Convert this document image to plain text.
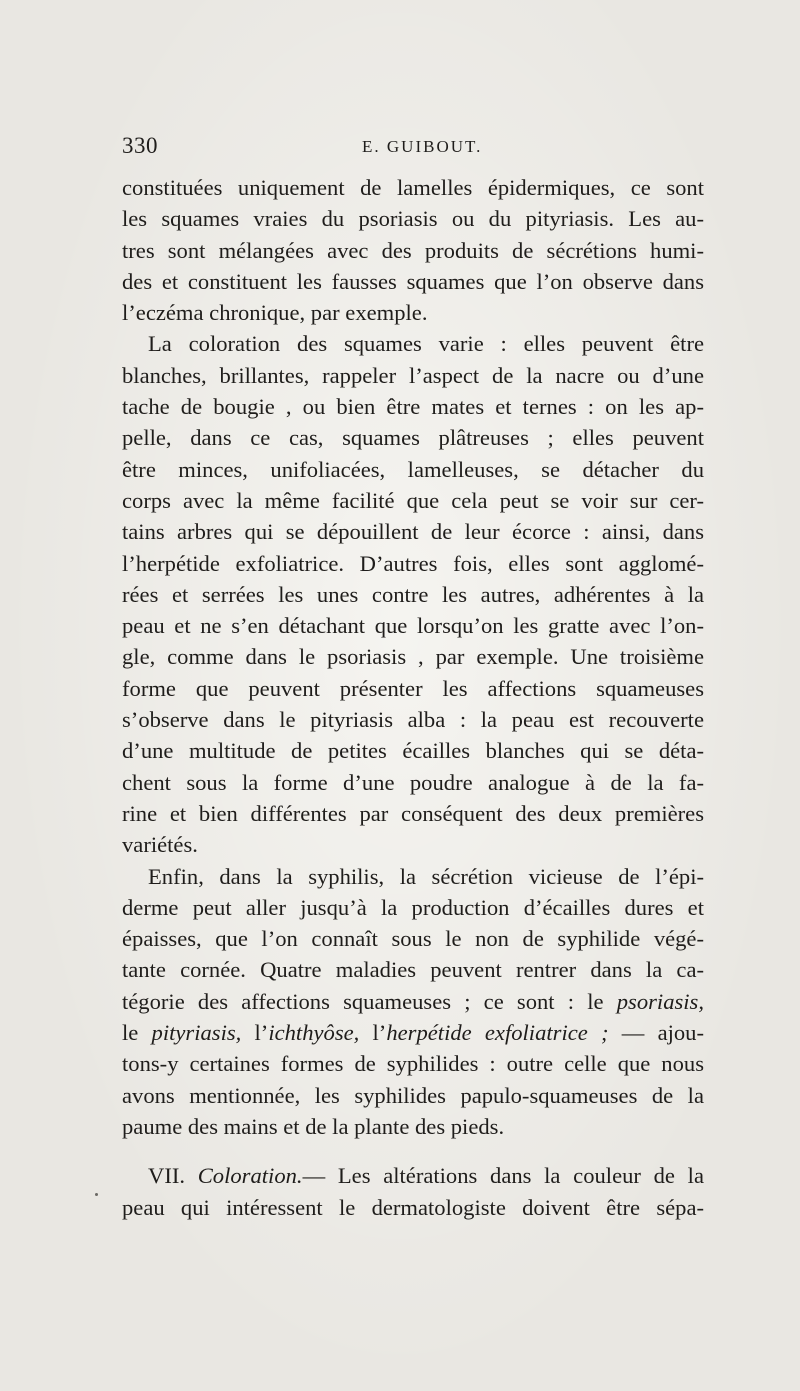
330	E. GUIBOUT.
constituées uniquement de lamelles épidermiques, ce sont
les squames vraies du psoriasis ou du pityriasis. Les au-
tres sont mélangées avec des produits de sécrétions humi-
des et constituent les fausses squames que l’on observe dans
l’eczéma chronique, par exemple.
La coloration des squames varie : elles peuvent être
blanches, brillantes, rappeler l’aspect de la nacre ou d’une
tache de bougie , ou bien être mates et ternes : on les ap-
pelle, dans ce cas, squames plâtreuses ; elles peuvent
être minces, unifoliacées, lamelleuses, se détacher du
corps avec la même facilité que cela peut se voir sur cer-
tains arbres qui se dépouillent de leur écorce : ainsi, dans
l’herpétide exfoliatrice. D’autres fois, elles sont agglomé-
rées et serrées les unes contre les autres, adhérentes à la
peau et ne s’en détachant que lorsqu’on les gratte avec l’on-
gle, comme dans le psoriasis , par exemple. Une troisième
forme que peuvent présenter les affections squameuses
s’observe dans le pityriasis alba : la peau est recouverte
d’une multitude de petites écailles blanches qui se déta-
chent sous la forme d’une poudre analogue à de la fa-
rine et bien différentes par conséquent des deux premières
variétés.
Enfin, dans la syphilis, la sécrétion vicieuse de l’épi-
derme peut aller jusqu’à la production d’écailles dures et
épaisses, que l’on connaît sous le non de syphilide végé-
tante cornée. Quatre maladies peuvent rentrer dans la ca-
tégorie des affections squameuses ; ce sont : le psoriasis,
le pityriasis, l’ichthyôse, l’herpétide exfoliatrice ; — ajou-
tons-y certaines formes de syphilides : outre celle que nous
avons mentionnée, les syphilides papulo-squameuses de la
paume des mains et de la plante des pieds.
VII. Coloration.— Les altérations dans la couleur de la
peau qui intéressent le dermatologiste doivent être sépa-
